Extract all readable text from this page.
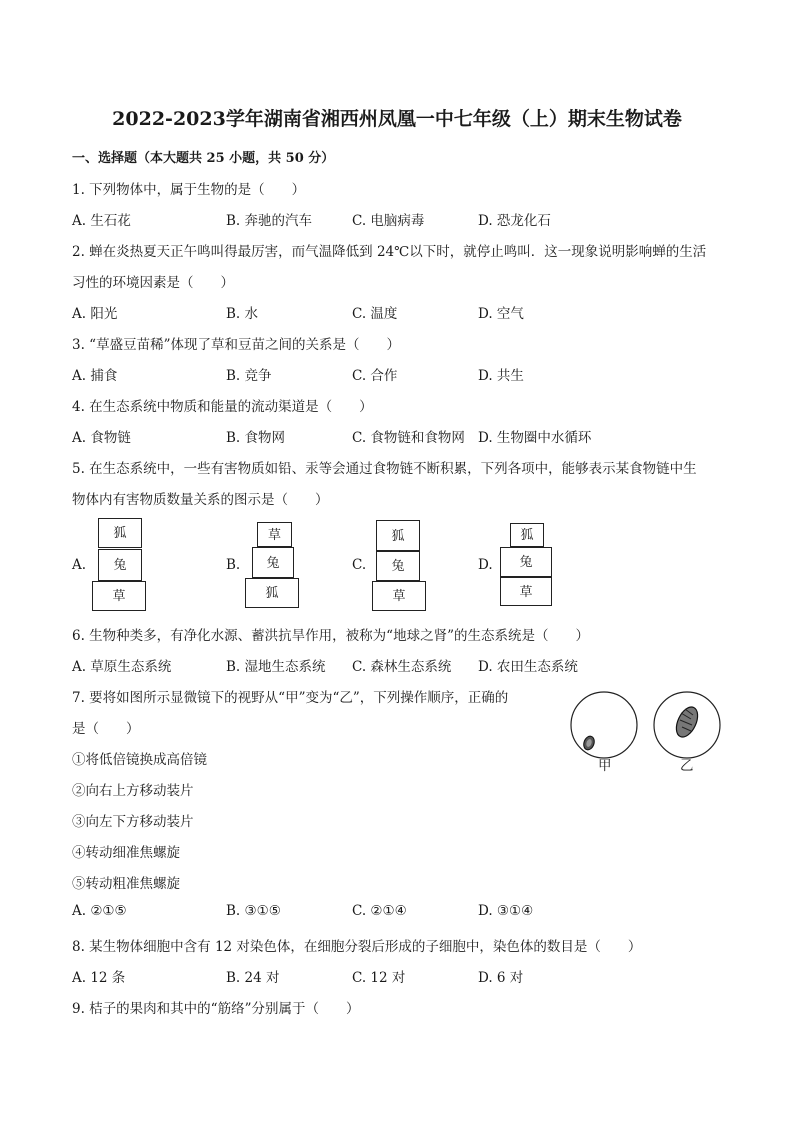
2022-2023学年湖南省湘西州凤凰一中七年级（上）期末生物试卷
一、选择题（本大题共 25 小题，共 50 分）
1. 下列物体中，属于生物的是（　　）
A. 生石花	B. 奔驰的汽车	C. 电脑病毒	D. 恐龙化石
2. 蝉在炎热夏天正午鸣叫得最厉害，而气温降低到 24℃以下时，就停止鸣叫．这一现象说明影响蝉的生活
习性的环境因素是（　　）
A. 阳光	B. 水	C. 温度	D. 空气
3. “草盛豆苗稀”体现了草和豆苗之间的关系是（　　）
A. 捕食	B. 竞争	C. 合作	D. 共生
4. 在生态系统中物质和能量的流动渠道是（　　）
A. 食物链	B. 食物网	C. 食物链和食物网 D. 生物圈中水循环
5. 在生态系统中，一些有害物质如铅、汞等会通过食物链不断积累，下列各项中，能够表示某食物链中生
物体内有害物质数量关系的图示是（　　）
A.
狐
兔
草
B.
草
兔
狐
C.
狐
兔
草
D.
狐
兔
草
6. 生物种类多，有净化水源、蓄洪抗旱作用，被称为“地球之肾”的生态系统是（　　）
A. 草原生态系统	B. 湿地生态系统 C. 森林生态系统 D. 农田生态系统
7. 要将如图所示显微镜下的视野从“甲”变为“乙”，下列操作顺序，正确的
是（　　）
①将低倍镜换成高倍镜
②向右上方移动装片
③向左下方移动装片
④转动细准焦螺旋
⑤转动粗准焦螺旋
甲	乙
A. ②①⑤	B. ③①⑤	C. ②①④	D. ③①④
8. 某生物体细胞中含有 12 对染色体，在细胞分裂后形成的子细胞中，染色体的数目是（　　）
A. 12 条	B. 24 对	C. 12 对	D. 6 对
9. 桔子的果肉和其中的“筋络”分别属于（　　）
